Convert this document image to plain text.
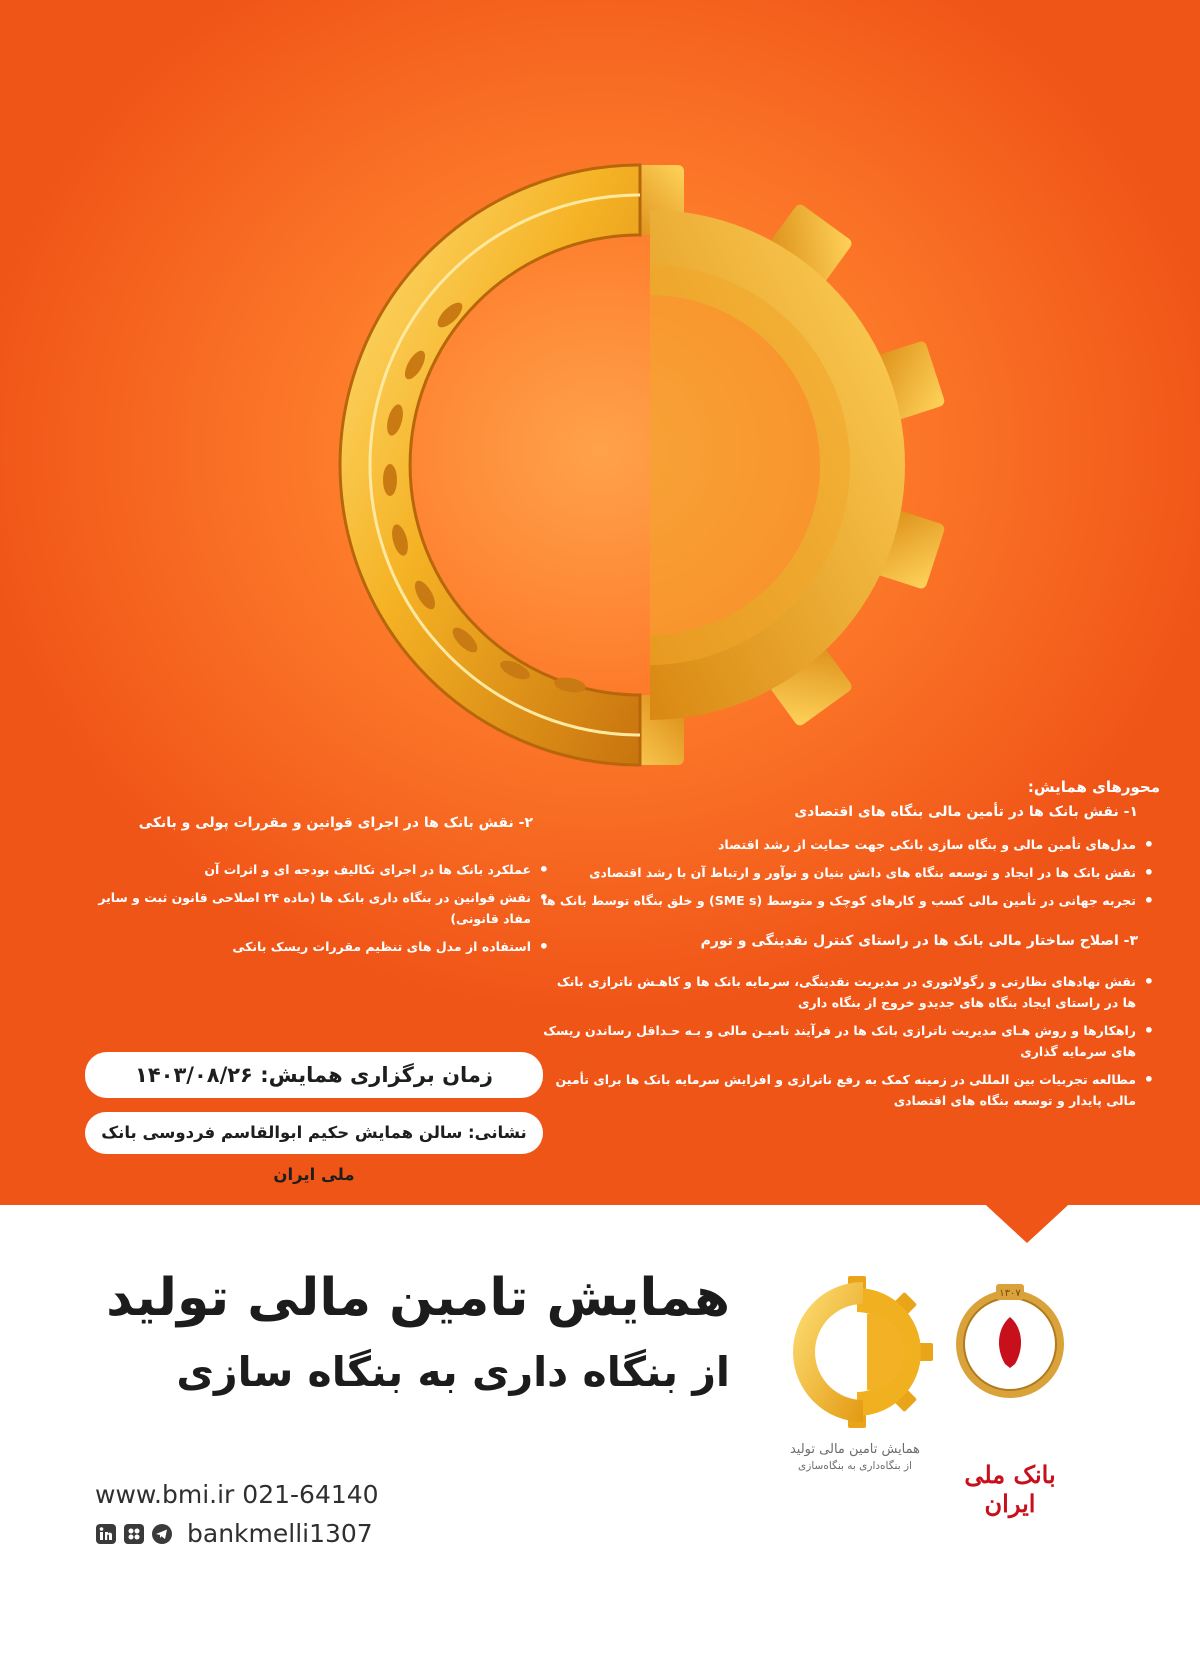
محورهای همایش:
۱- نقش بانک ها در تأمین مالی بنگاه های اقتصادی
• مدل‌های تأمین مالی و بنگاه سازی بانکی جهت حمایت از رشد اقتصاد
• نقش بانک ها در ایجاد و توسعه بنگاه های دانش بنیان و نوآور و ارتباط آن با رشد اقتصادی
• تجربه جهانی در تأمین مالی کسب و کارهای کوچک و متوسط (SME s) و خلق بنگاه توسط بانک ها
۳- اصلاح ساختار مالی بانک ها در راستای کنترل نقدینگی و تورم
• نقش نهادهای نظارتی و رگولاتوری در مدیریت نقدینگی، سرمایه بانک ها و کاهـش ناترازی بانک ها در راستای ایجاد بنگاه های جدیدو خروج از بنگاه داری
• راهکارها و روش هـای مدیریت ناترازی بانک ها در فرآیند تامیـن مالی و بـه حـداقل رساندن ریسک های سرمایه گذاری
• مطالعه تجربیات بین المللی در زمینه کمک به رفع ناترازی و افزایش سرمایه بانک ها برای تأمین مالی پایدار و توسعه بنگاه های اقتصادی
۲- نقش بانک ها در اجرای قوانین و مقررات پولی و بانکی
• عملکرد بانک ها در اجرای تکالیف بودجه ای و اثرات آن
• نقش قوانین در بنگاه داری بانک ها (ماده ۲۴ اصلاحی قانون ثبت و سایر مفاد قانونی)
• استفاده از مدل های تنظیم مقررات ریسک بانکی
زمان برگزاری همایش: ۱۴۰۳/۰۸/۲۶
نشانی: سالن همایش حکیم ابوالقاسم فردوسی بانک ملی ایران
همایش تامین مالی تولید
از بنگاه داری به بنگاه سازی
همایش تامین مالی تولید
از بنگاه‌داری به بنگاه‌سازی
۱۳۰۷
بانک ملی ایران
www.bmi.ir 021-64140
bankmelli1307
